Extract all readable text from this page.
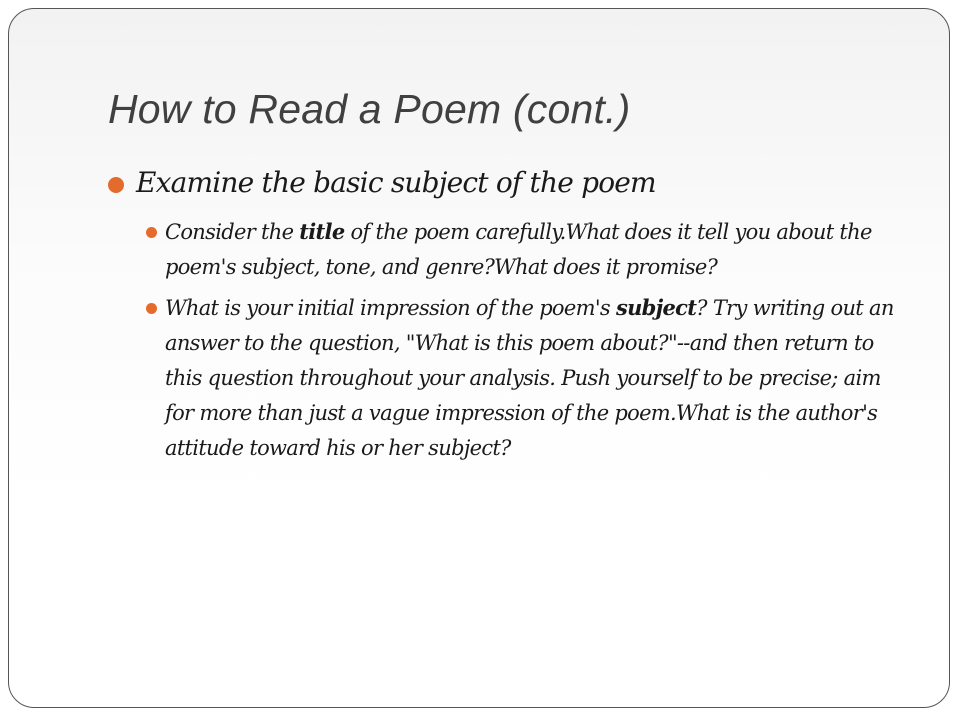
How to Read a Poem (cont.)
Examine the basic subject of the poem
Consider the title of the poem carefully.What does it tell you about the poem's subject, tone, and genre?What does it promise?
What is your initial impression of the poem's subject? Try writing out an answer to the question, "What is this poem about?"--and then return to this question throughout your analysis. Push yourself to be precise; aim for more than just a vague impression of the poem.What is the author's attitude toward his or her subject?
